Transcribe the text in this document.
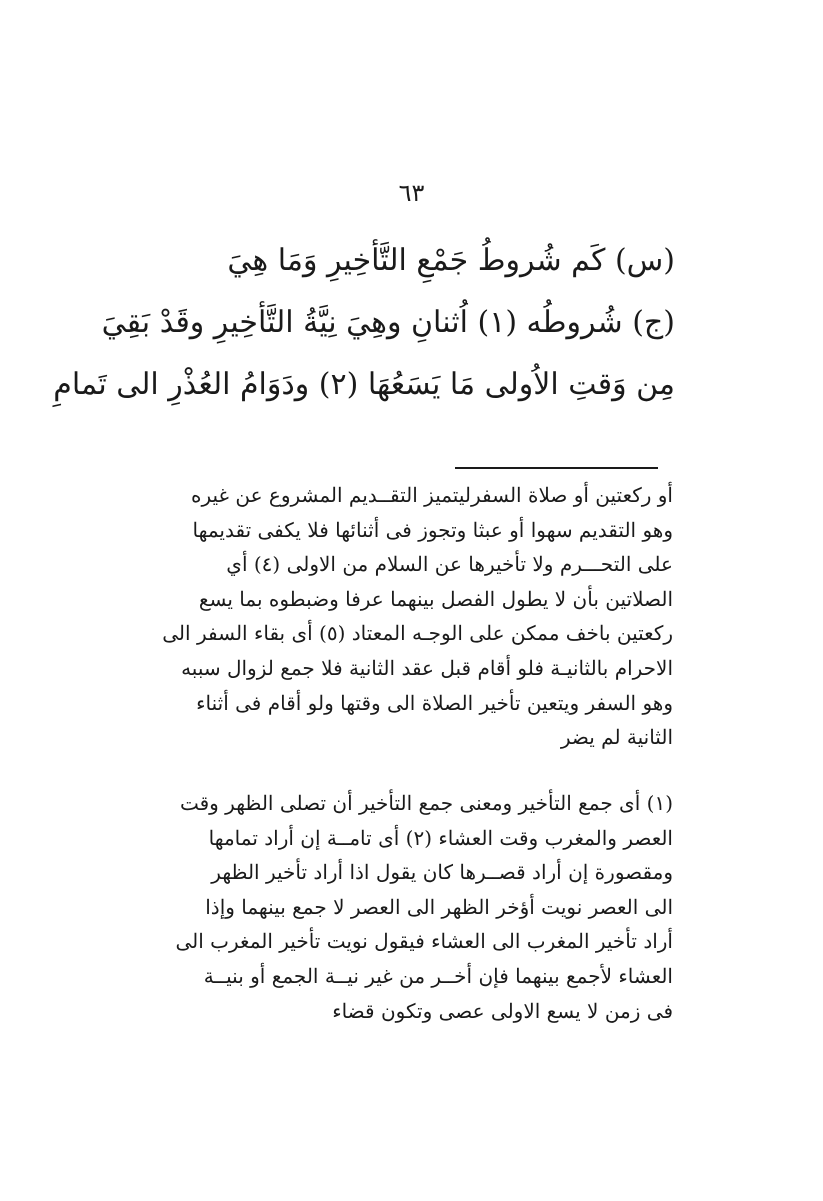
٦٣
(س) كَم شُروطُ جَمْعِ التَّأخِيرِ وَمَا هِيَ
(ج) شُروطُه (١) اُثنانِ وهِيَ نِيَّةُ التَّأخِيرِ وقَدْ بَقِيَ
مِن وَقتِ الاُولى مَا يَسَعُهَا (٢) ودَوَامُ العُذْرِ الى تَمامِ
أو ركعتين أو صلاة السفرليتميز التقــديم المشروع عن غيره
وهو التقديم سهوا أو عبثا وتجوز فى أثنائها فلا يكفى تقديمها
على التحـــرم ولا تأخيرها عن السلام من الاولى (٤) أي
الصلاتين بأن لا يطول الفصل بينهما عرفا وضبطوه بما يسع
ركعتين باخف ممكن على الوجـه المعتاد (٥) أى بقاء السفر الى
الاحرام بالثانيـة فلو أقام قبل عقد الثانية فلا جمع لزوال سببه
وهو السفر ويتعين تأخير الصلاة الى وقتها ولو أقام فى أثناء
الثانية لم يضر
(١) أى جمع التأخير ومعنى جمع التأخير أن تصلى الظهر وقت
العصر والمغرب وقت العشاء (٢) أى تامــة إن أراد تمامها
ومقصورة إن أراد قصــرها كان يقول اذا أراد تأخير الظهر
الى العصر نويت أؤخر الظهر الى العصر لا جمع بينهما وإذا
أراد تأخير المغرب الى العشاء فيقول نويت تأخير المغرب الى
العشاء لأجمع بينهما فإن أخــر من غير نيــة الجمع أو بنيــة
فى زمن لا يسع الاولى عصى وتكون قضاء
